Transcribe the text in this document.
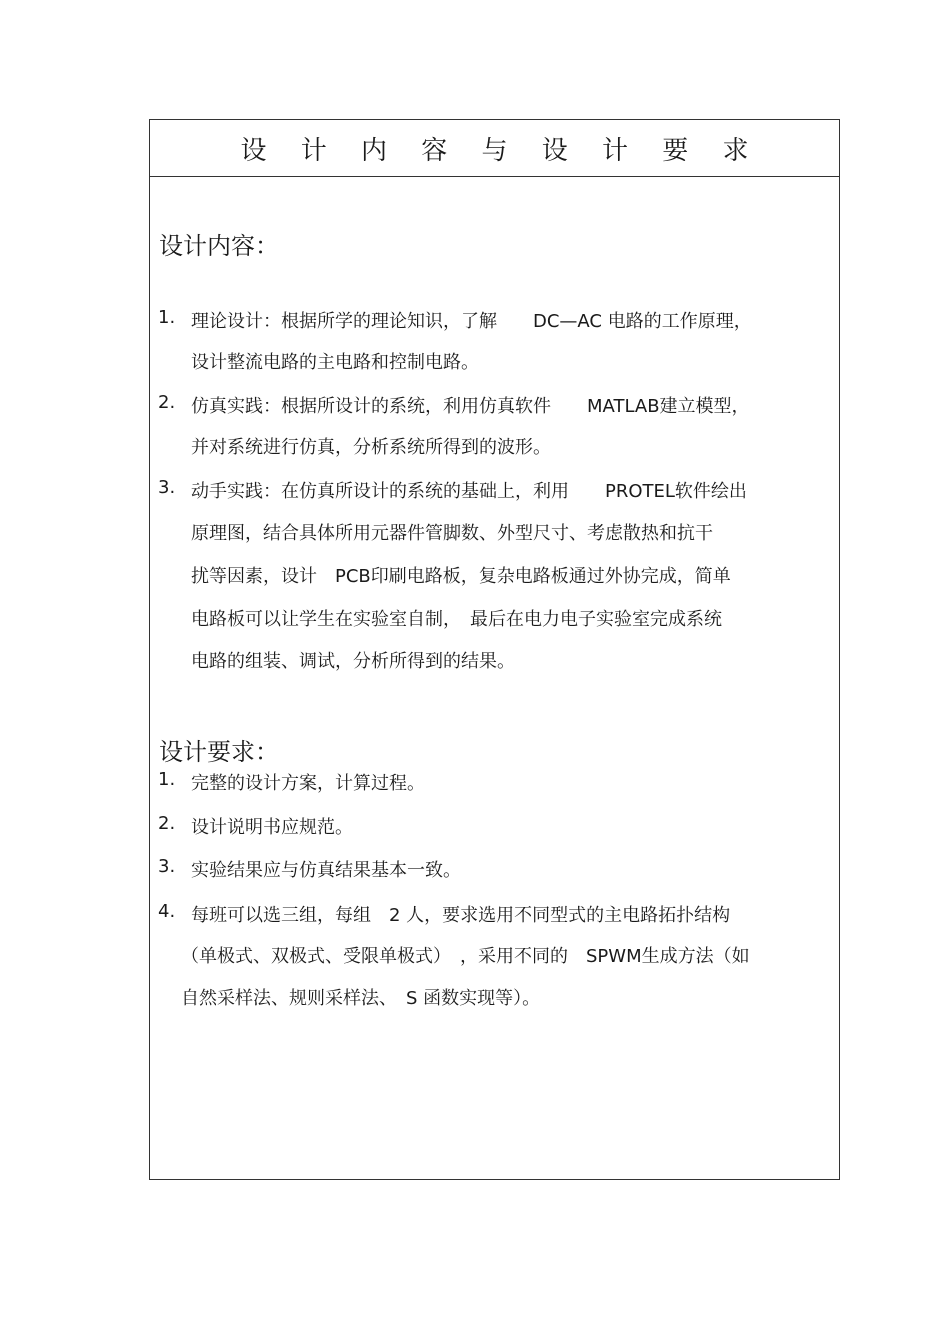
设 计 内 容 与 设 计 要 求
设计内容：
1. 理论设计：根据所学的理论知识，了解　　DC—AC 电路的工作原理，
设计整流电路的主电路和控制电路。
2. 仿真实践：根据所设计的系统，利用仿真软件　　MATLAB建立模型，
并对系统进行仿真，分析系统所得到的波形。
3. 动手实践：在仿真所设计的系统的基础上，利用　　PROTEL软件绘出
原理图，结合具体所用元器件管脚数、外型尺寸、考虑散热和抗干
扰等因素，设计　PCB印刷电路板，复杂电路板通过外协完成，简单
电路板可以让学生在实验室自制，　最后在电力电子实验室完成系统
电路的组装、调试，分析所得到的结果。
设计要求：
1. 完整的设计方案，计算过程。
2. 设计说明书应规范。
3. 实验结果应与仿真结果基本一致。
4. 每班可以选三组，每组　2 人，要求选用不同型式的主电路拓扑结构
（单极式、双极式、受限单极式）　，采用不同的　SPWM生成方法（如
自然采样法、规则采样法、　S 函数实现等）。
